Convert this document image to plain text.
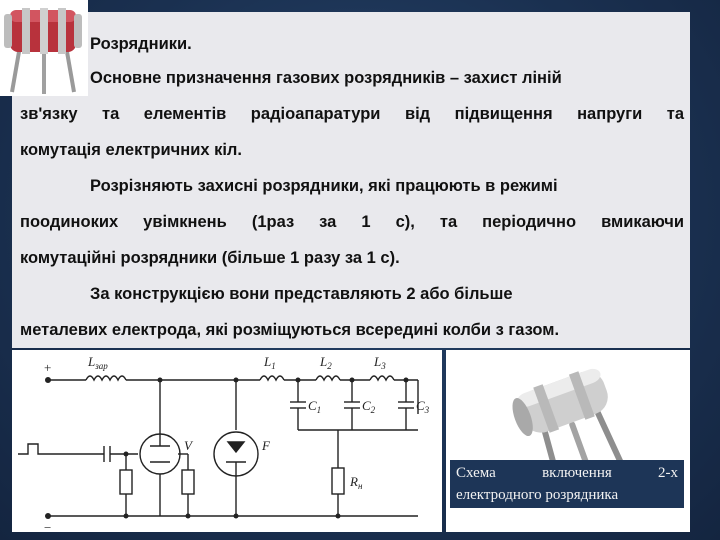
Розрядники.
Основне призначення газових розрядників – захист ліній
зв'язку та елементів радіоапаратури від підвищення напруги та
комутація електричних кіл.
Розрізняють захисні розрядники, які працюють в режимі
поодиноких увімкнень (1раз за 1 с), та періодично вмикаючи
комутаційні розрядники (більше 1 разу за 1 с).
За конструкцією вони представляють 2 або більше
металевих електрода, які розміщуються всередині колби з газом.
+
−
$L_{зар}$	$L_1$	$L_2$	$L_3$
$C_1$	$C_2$	$C_3$
V	F
$R_н$
Схема включення 2-х
електродного розрядника
